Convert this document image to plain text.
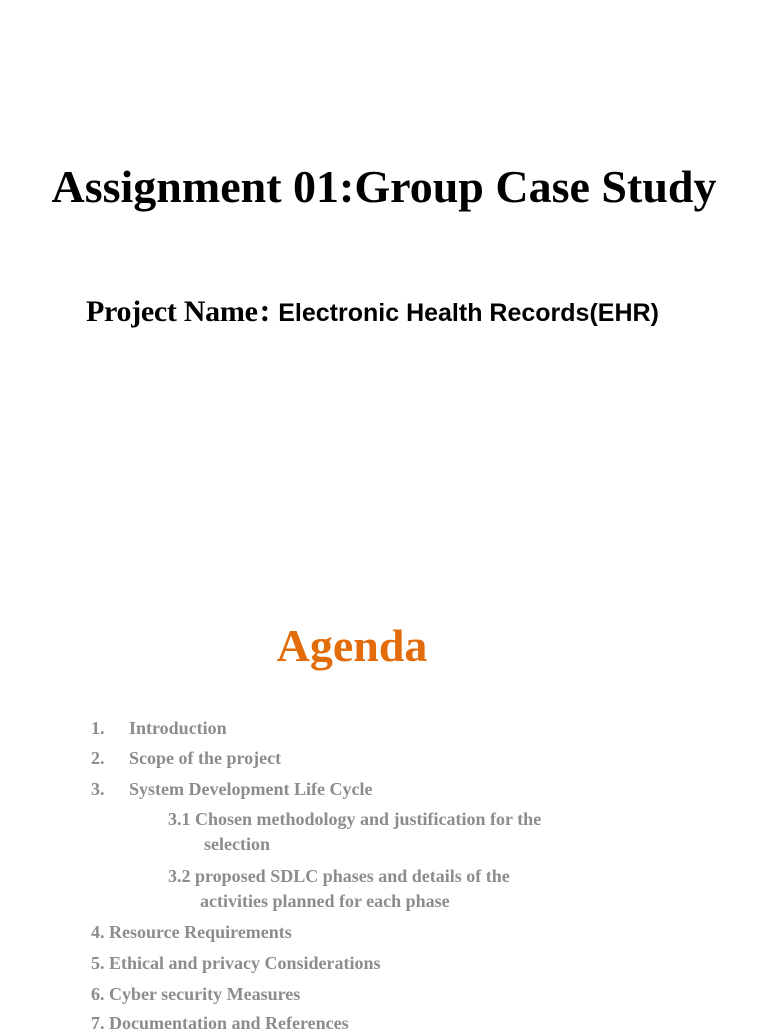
Assignment 01:Group Case Study

Project Name: Electronic Health Records(EHR)

Agenda
1. Introduction
2. Scope of the project
3. System Development Life Cycle
3.1 Chosen methodology and justification for the
selection
3.2 proposed SDLC phases and details of the
activities planned for each phase
4. Resource Requirements
5. Ethical and privacy Considerations
6. Cyber security Measures
7. Documentation and References
